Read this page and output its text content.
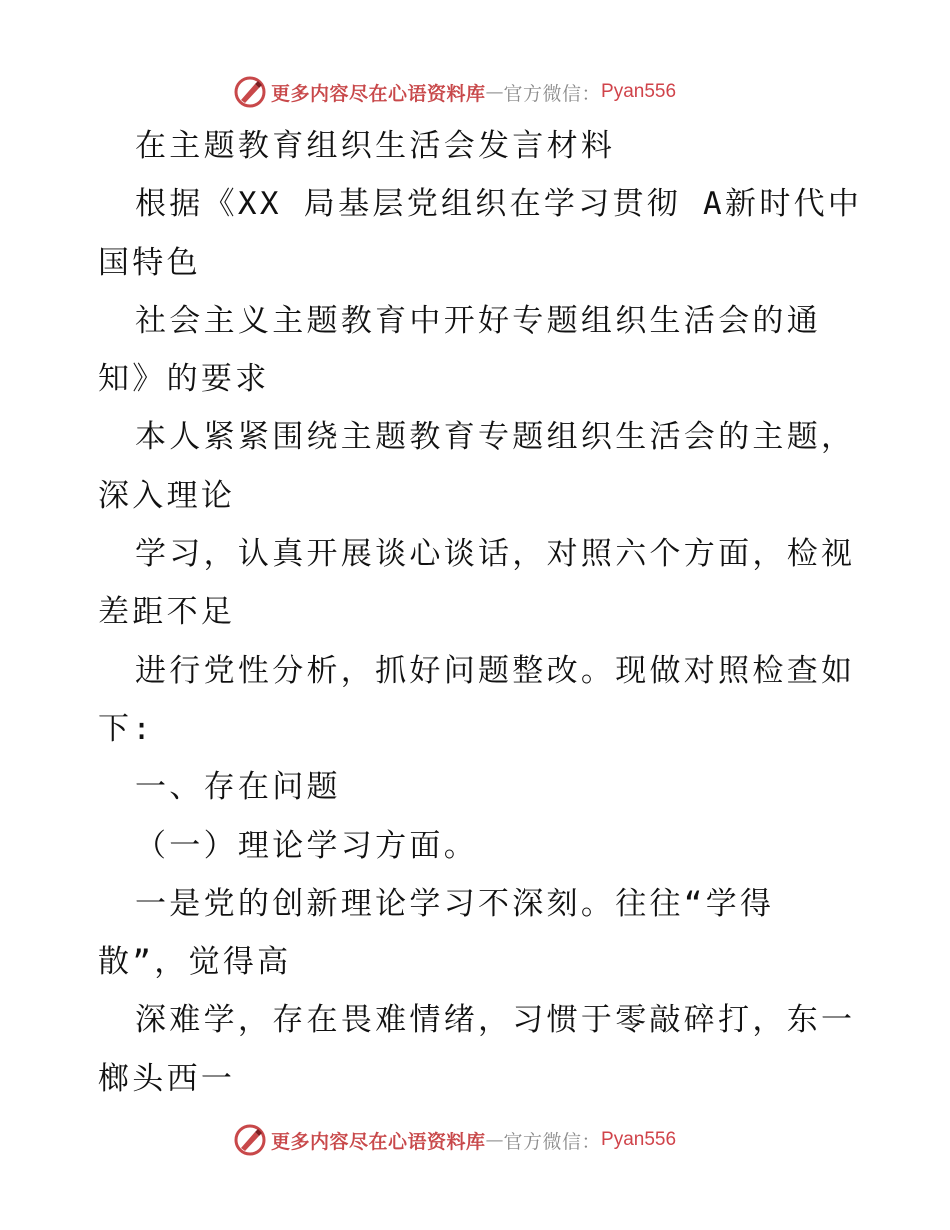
更多内容尽在心语资料库 — 官方微信： Pyan556
在主题教育组织生活会发言材料
根据《XX 局基层党组织在学习贯彻 A新时代中
国特色
社会主义主题教育中开好专题组织生活会的通
知》的要求
本人紧紧围绕主题教育专题组织生活会的主题，
深入理论
学习，认真开展谈心谈话，对照六个方面，检视
差距不足
进行党性分析，抓好问题整改。现做对照检查如
下:
一、存在问题
（一）理论学习方面。
一是党的创新理论学习不深刻。往往“学得
散”，觉得高
深难学，存在畏难情绪，习惯于零敲碎打，东一
榔头西一
更多内容尽在心语资料库 — 官方微信： Pyan556
